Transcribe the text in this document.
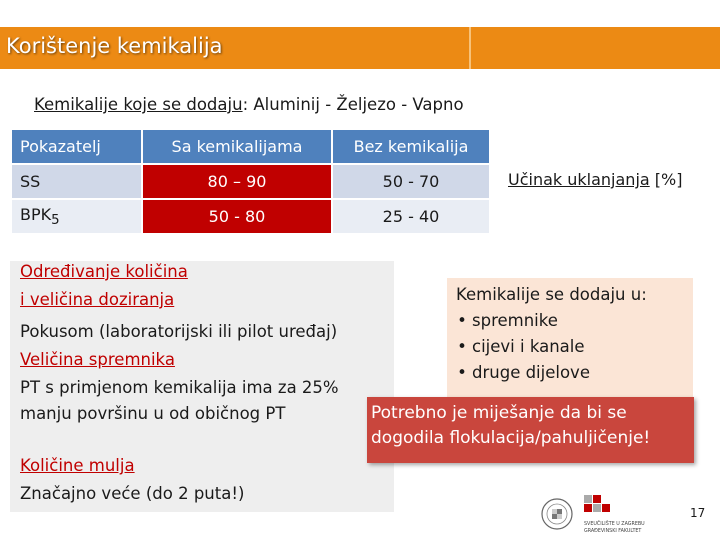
Korištenje kemikalija
Kemikalije koje se dodaju: Aluminij - Željezo - Vapno
Pokazatelj	Sa kemikalijama	Bez kemikalija
SS	80 – 90	50 - 70
$BPK_5$	50 - 80	25 - 40
Učinak uklanjanja [%]
Određivanje količina
i veličina doziranja
Pokusom (laboratorijski ili pilot uređaj)
Veličina spremnika
PT s primjenom kemikalija ima za 25%
manju površinu u od običnog PT
Količine mulja
Značajno veće (do 2 puta!)
Kemikalije se dodaju u:
• spremnike
• cijevi i kanale
• druge dijelove
Potrebno je miješanje da bi se
dogodila flokulacija/pahuljičenje!
SVEUČILIŠTE U ZAGREBU
GRAĐEVINSKI FAKULTET
17
